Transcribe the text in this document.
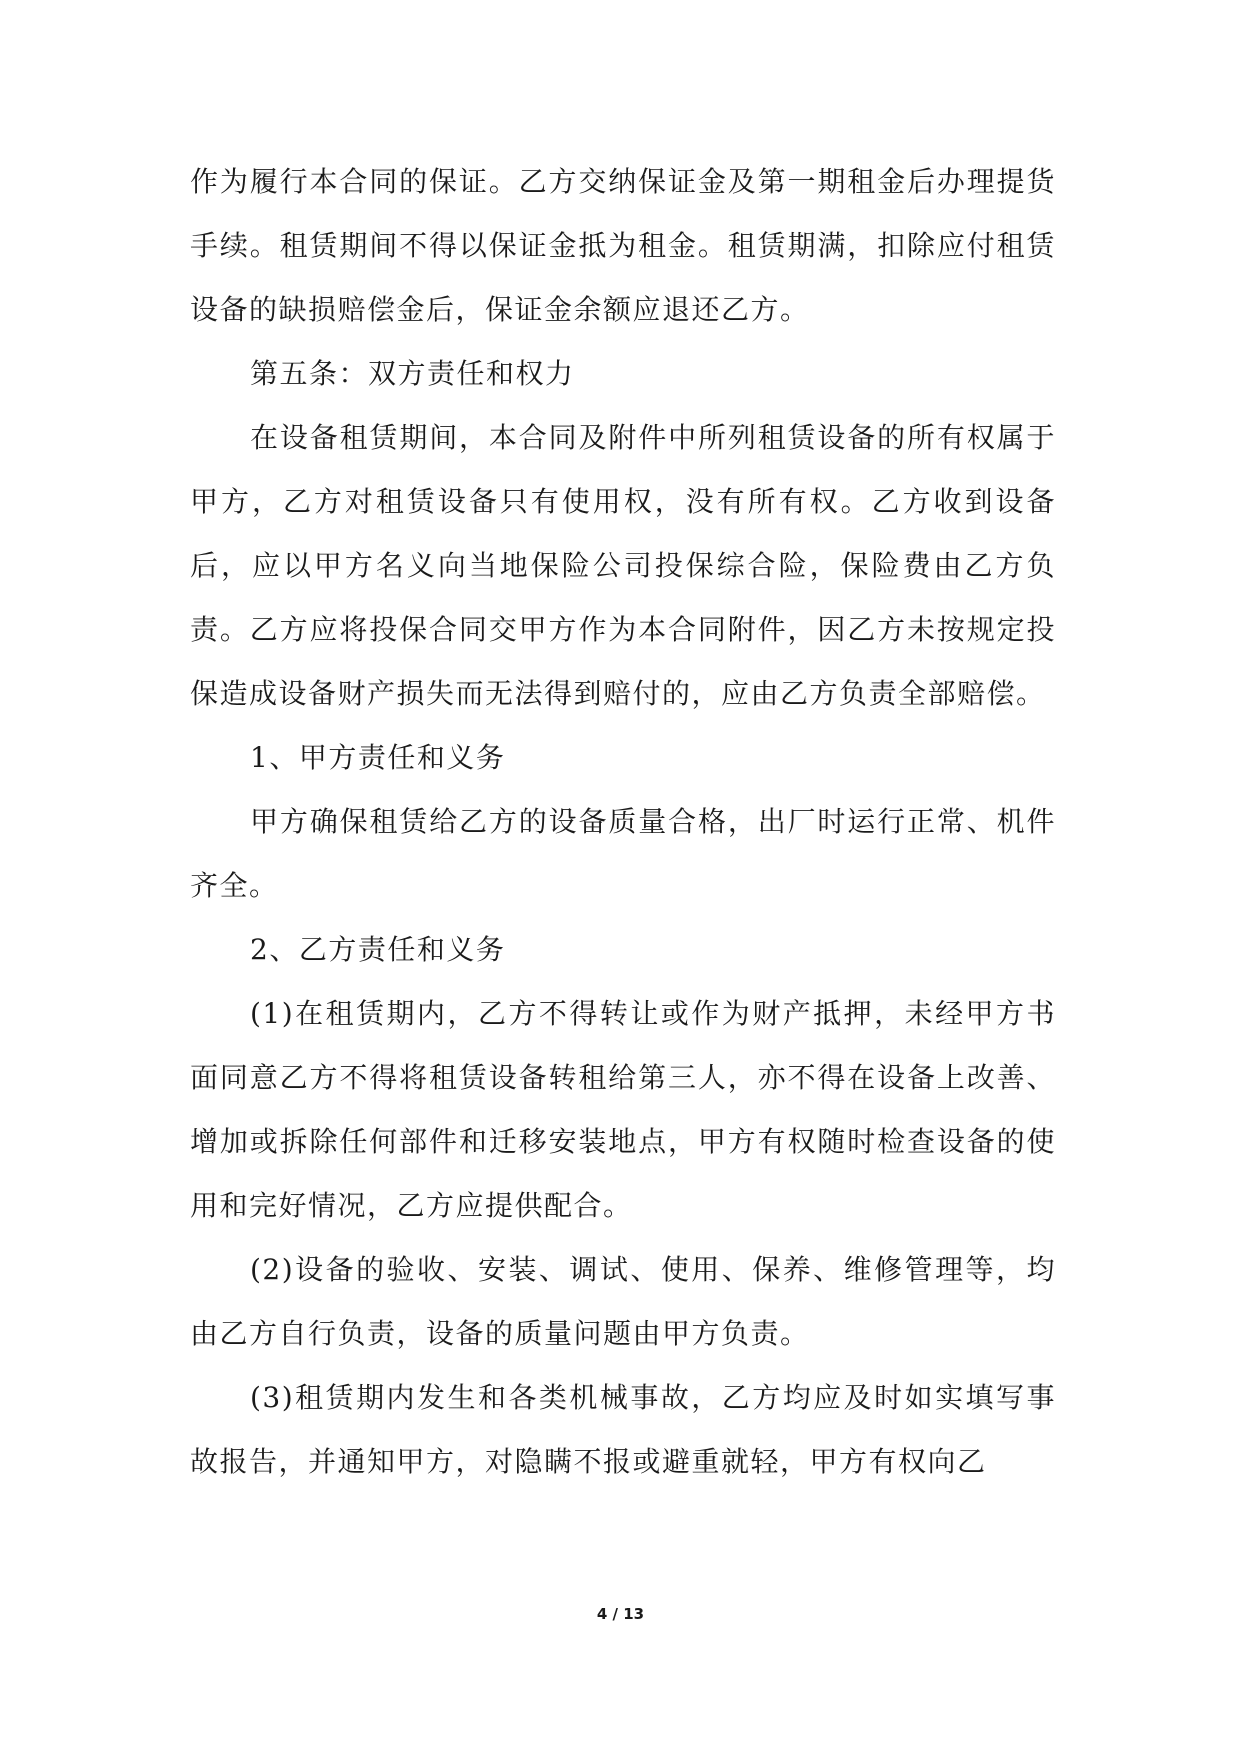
作为履行本合同的保证。乙方交纳保证金及第一期租金后办理提货手续。租赁期间不得以保证金抵为租金。租赁期满，扣除应付租赁设备的缺损赔偿金后，保证金余额应退还乙方。

第五条：双方责任和权力

在设备租赁期间，本合同及附件中所列租赁设备的所有权属于甲方，乙方对租赁设备只有使用权，没有所有权。乙方收到设备后，应以甲方名义向当地保险公司投保综合险，保险费由乙方负责。乙方应将投保合同交甲方作为本合同附件，因乙方未按规定投保造成设备财产损失而无法得到赔付的，应由乙方负责全部赔偿。

1、甲方责任和义务

甲方确保租赁给乙方的设备质量合格，出厂时运行正常、机件齐全。

2、乙方责任和义务

(1)在租赁期内，乙方不得转让或作为财产抵押，未经甲方书面同意乙方不得将租赁设备转租给第三人，亦不得在设备上改善、增加或拆除任何部件和迁移安装地点，甲方有权随时检查设备的使用和完好情况，乙方应提供配合。

(2)设备的验收、安装、调试、使用、保养、维修管理等，均由乙方自行负责，设备的质量问题由甲方负责。

(3)租赁期内发生和各类机械事故，乙方均应及时如实填写事故报告，并通知甲方，对隐瞒不报或避重就轻，甲方有权向乙

4 / 13
